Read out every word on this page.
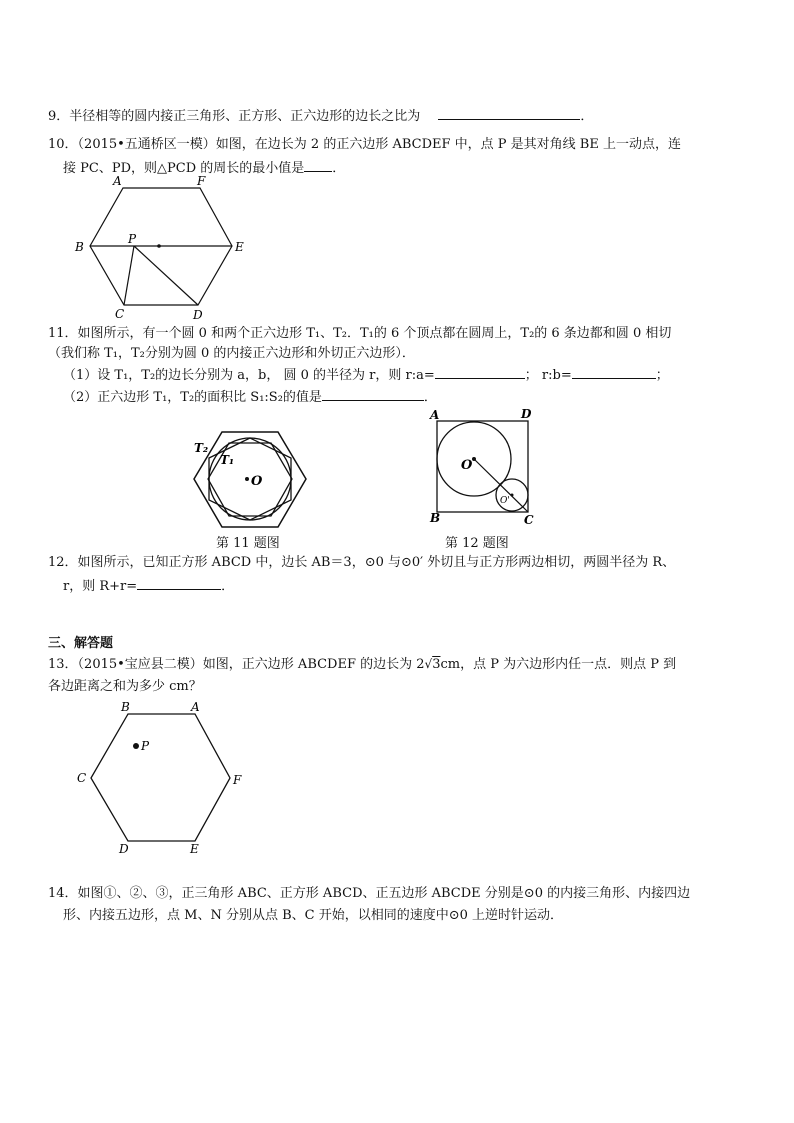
9．半径相等的圆内接正三角形、正方形、正六边形的边长之比为	．
10．（2015•五通桥区一模）如图，在边长为 2 的正六边形 ABCDEF 中，点 P 是其对角线 BE 上一动点，连
接 PC、PD，则△PCD 的周长的最小值是 ．
A	F
B
P
E
C	D
11．如图所示，有一个圆 0 和两个正六边形 T₁、T₂．T₁的 6 个顶点都在圆周上，T₂的 6 条边都和圆 0 相切
（我们称 T₁，T₂分别为圆 0 的内接正六边形和外切正六边形）．
（1）设 T₁，T₂的边长分别为 a，b， 圆 0 的半径为 r，则 r:a=	； r:b=	；
（2）正六边形 T₁，T₂的面积比 S₁:S₂的值是	．
T₂
T₁
O
第 11 题图
A	D
O
O'
B	C
第 12 题图
12．如图所示，已知正方形 ABCD 中，边长 AB＝3，⊙0 与⊙0′ 外切且与正方形两边相切，两圆半径为 R、
r，则 R+r=	．
三、解答题
13．（2015•宝应县二模）如图，正六边形 ABCDEF 的边长为 2√3cm，点 P 为六边形内任一点．则点 P 到
各边距离之和为多少 cm？
B	A
P
C	F
D	E
14．如图①、②、③，正三角形 ABC、正方形 ABCD、正五边形 ABCDE 分别是⊙0 的内接三角形、内接四边
形、内接五边形，点 M、N 分别从点 B、C 开始，以相同的速度中⊙0 上逆时针运动．
